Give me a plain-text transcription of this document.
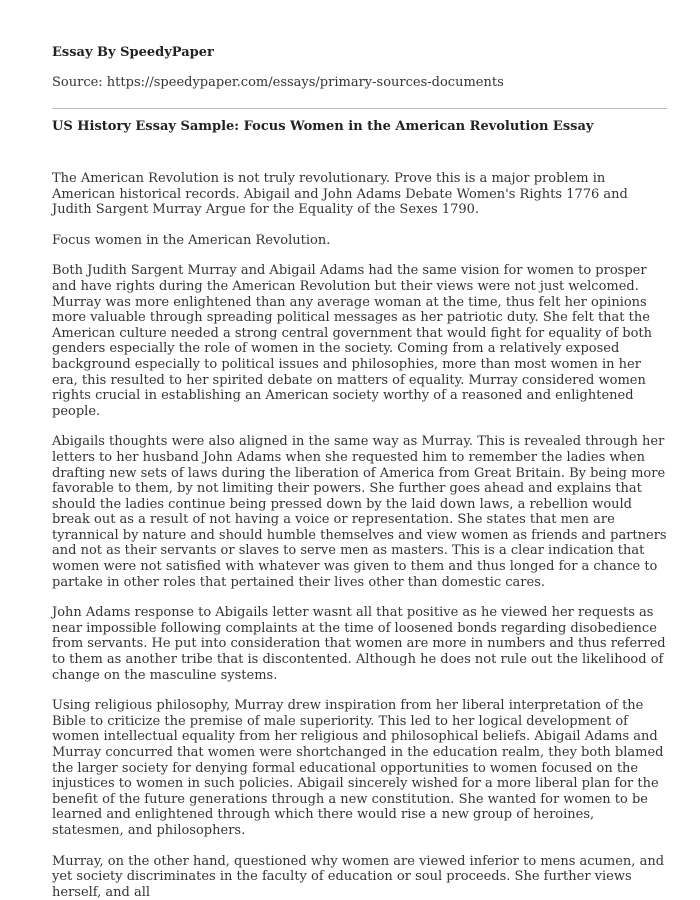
Essay By SpeedyPaper

Source: https://speedypaper.com/essays/primary-sources-documents

US History Essay Sample: Focus Women in the American Revolution Essay

The American Revolution is not truly revolutionary. Prove this is a major problem in American historical records. Abigail and John Adams Debate Women's Rights 1776 and Judith Sargent Murray Argue for the Equality of the Sexes 1790.

Focus women in the American Revolution.

Both Judith Sargent Murray and Abigail Adams had the same vision for women to prosper and have rights during the American Revolution but their views were not just welcomed. Murray was more enlightened than any average woman at the time, thus felt her opinions more valuable through spreading political messages as her patriotic duty. She felt that the American culture needed a strong central government that would fight for equality of both genders especially the role of women in the society. Coming from a relatively exposed background especially to political issues and philosophies, more than most women in her era, this resulted to her spirited debate on matters of equality. Murray considered women rights crucial in establishing an American society worthy of a reasoned and enlightened people.

Abigails thoughts were also aligned in the same way as Murray. This is revealed through her letters to her husband John Adams when she requested him to remember the ladies when drafting new sets of laws during the liberation of America from Great Britain. By being more favorable to them, by not limiting their powers. She further goes ahead and explains that should the ladies continue being pressed down by the laid down laws, a rebellion would break out as a result of not having a voice or representation. She states that men are tyrannical by nature and should humble themselves and view women as friends and partners and not as their servants or slaves to serve men as masters. This is a clear indication that women were not satisfied with whatever was given to them and thus longed for a chance to partake in other roles that pertained their lives other than domestic cares.

John Adams response to Abigails letter wasnt all that positive as he viewed her requests as near impossible following complaints at the time of loosened bonds regarding disobedience from servants. He put into consideration that women are more in numbers and thus referred to them as another tribe that is discontented. Although he does not rule out the likelihood of change on the masculine systems.

Using religious philosophy, Murray drew inspiration from her liberal interpretation of the Bible to criticize the premise of male superiority. This led to her logical development of women intellectual equality from her religious and philosophical beliefs. Abigail Adams and Murray concurred that women were shortchanged in the education realm, they both blamed the larger society for denying formal educational opportunities to women focused on the injustices to women in such policies. Abigail sincerely wished for a more liberal plan for the benefit of the future generations through a new constitution. She wanted for women to be learned and enlightened through which there would rise a new group of heroines, statesmen, and philosophers.

Murray, on the other hand, questioned why women are viewed inferior to mens acumen, and yet society discriminates in the faculty of education or soul proceeds. She further views herself, and all
